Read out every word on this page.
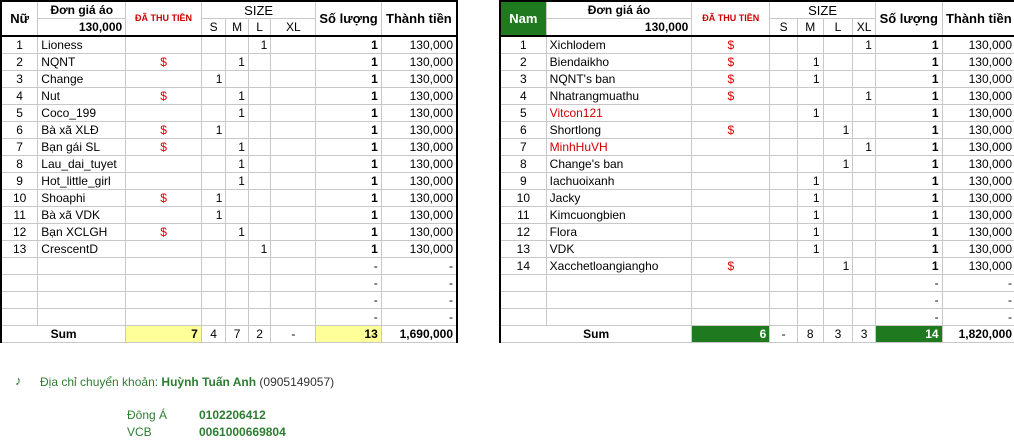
Nữ	Đơn giá áo	ĐÃ THU TIỀN	SIZE				Số lượng	Thành tiền
	130,000		S	M	L	XL		
1	Lioness				1		1	130,000
2	NQNT	$		1			1	130,000
3	Change		1				1	130,000
4	Nut	$		1			1	130,000
5	Coco_199			1			1	130,000
6	Bà xã XLĐ	$	1				1	130,000
7	Bạn gái SL	$		1			1	130,000
8	Lau_dai_tuyet			1			1	130,000
9	Hot_little_girl			1			1	130,000
10	Shoaphi	$	1				1	130,000
11	Bà xã VDK		1				1	130,000
12	Bạn XCLGH	$		1			1	130,000
13	CrescentD				1		1	130,000
							-	-
							-	-
							-	-
							-	-
Sum		7	4	7	2	-	13	1,690,000
Nam	Đơn giá áo	ĐÃ THU TIỀN	SIZE				Số lượng	Thành tiền
	130,000		S	M	L	XL		
1	Xichlodem	$				1	1	130,000
2	Biendaikho	$		1			1	130,000
3	NQNT's ban	$		1			1	130,000
4	Nhatrangmuathu	$				1	1	130,000
5	Vitcon121			1			1	130,000
6	Shortlong	$			1		1	130,000
7	MinhHuVH					1	1	130,000
8	Change's ban				1		1	130,000
9	Iachuoixanh			1			1	130,000
10	Jacky			1			1	130,000
11	Kimcuongbien			1			1	130,000
12	Flora			1			1	130,000
13	VDK			1			1	130,000
14	Xacchetloangiangho	$			1		1	130,000
							-	-
							-	-
							-	-
Sum		6	-	8	3	3	14	1,820,000
♪ Địa chỉ chuyển khoản: Huỳnh Tuấn Anh (0905149057)
Đông Á	0102206412
VCB	0061000669804
